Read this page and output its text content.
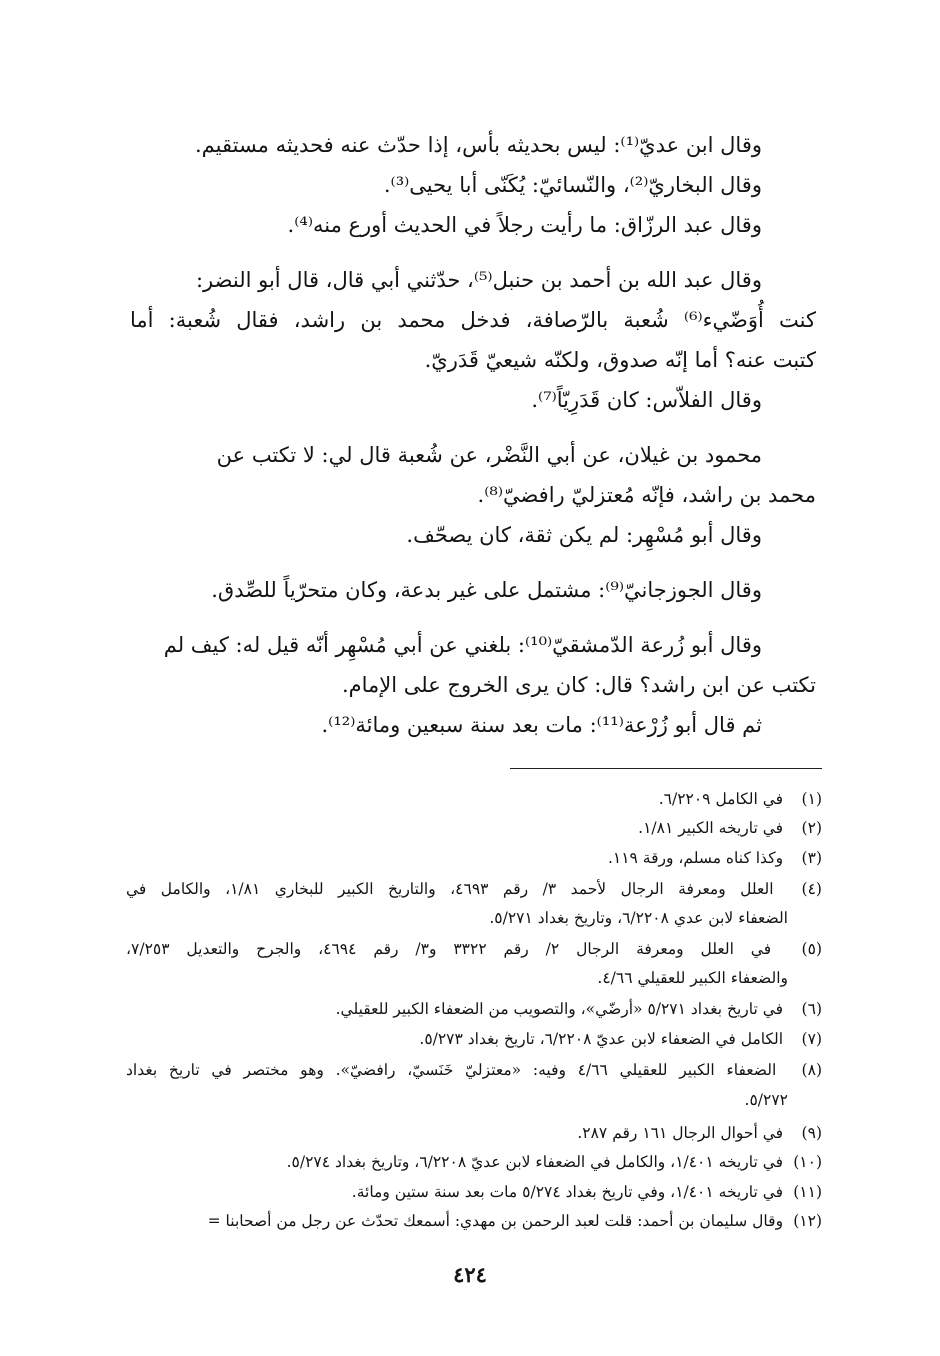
وقال ابن عديّ⁽¹⁾: ليس بحديثه بأس، إذا حدّث عنه فحديثه مستقيم.
وقال البخاريّ⁽²⁾، والنّسائيّ: يُكَنّى أبا يحيى⁽³⁾.
وقال عبد الرزّاق: ما رأيت رجلاً في الحديث أورع منه⁽⁴⁾.
وقال عبد الله بن أحمد بن حنبل⁽⁵⁾، حدّثني أبي قال، قال أبو النضر:
كنت أُوَضّيء⁽⁶⁾ شُعبة بالرّصافة، فدخل محمد بن راشد، فقال شُعبة: أما
كتبت عنه؟ أما إنّه صدوق، ولكنّه شيعيّ قَدَريّ.
وقال الفلاّس: كان قَدَرِيّاً⁽⁷⁾.
محمود بن غيلان، عن أبي النَّضْر، عن شُعبة قال لي: لا تكتب عن
محمد بن راشد، فإنّه مُعتزليّ رافضيّ⁽⁸⁾.
وقال أبو مُسْهِر: لم يكن ثقة، كان يصحّف.
وقال الجوزجانيّ⁽⁹⁾: مشتمل على غير بدعة، وكان متحرّياً للصِّدق.
وقال أبو زُرعة الدّمشقيّ⁽¹⁰⁾: بلغني عن أبي مُسْهِر أنّه قيل له: كيف لم
تكتب عن ابن راشد؟ قال: كان يرى الخروج على الإمام.
ثم قال أبو زُرْعة⁽¹¹⁾: مات بعد سنة سبعين ومائة⁽¹²⁾.
(١) في الكامل ٦/٢٢٠٩.
(٢) في تاريخه الكبير ١/٨١.
(٣) وكذا كناه مسلم، ورقة ١١٩.
(٤) العلل ومعرفة الرجال لأحمد ٣/ رقم ٤٦٩٣، والتاريخ الكبير للبخاري ١/٨١، والكامل في
الضعفاء لابن عدي ٦/٢٢٠٨، وتاريخ بغداد ٥/٢٧١.
(٥) في العلل ومعرفة الرجال ٢/ رقم ٣٣٢٢ و٣/ رقم ٤٦٩٤، والجرح والتعديل ٧/٢٥٣،
والضعفاء الكبير للعقيلي ٤/٦٦.
(٦) في تاريخ بغداد ٥/٢٧١ «أرضّي»، والتصويب من الضعفاء الكبير للعقيلي.
(٧) الكامل في الضعفاء لابن عديّ ٦/٢٢٠٨، تاريخ بغداد ٥/٢٧٣.
(٨) الضعفاء الكبير للعقيلي ٤/٦٦ وفيه: «معتزليّ خَنَسيّ، رافضيّ». وهو مختصر في تاريخ بغداد
٥/٢٧٢.
(٩) في أحوال الرجال ١٦١ رقم ٢٨٧.
(١٠) في تاريخه ١/٤٠١، والكامل في الضعفاء لابن عديّ ٦/٢٢٠٨، وتاريخ بغداد ٥/٢٧٤.
(١١) في تاريخه ١/٤٠١، وفي تاريخ بغداد ٥/٢٧٤ مات بعد سنة ستين ومائة.
(١٢) وقال سليمان بن أحمد: قلت لعبد الرحمن بن مهدي: أسمعك تحدّث عن رجل من أصحابنا =
٤٢٤
